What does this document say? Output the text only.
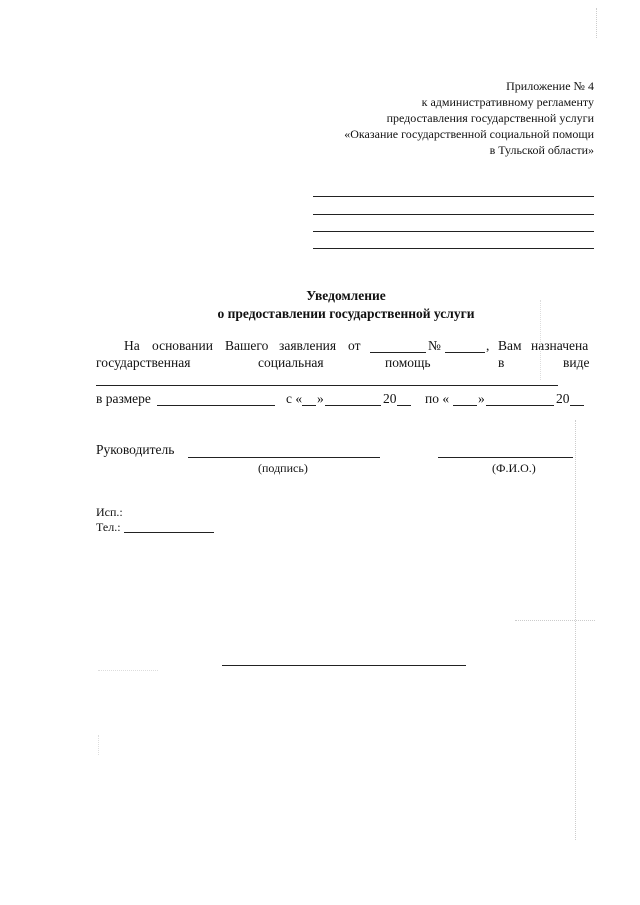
Приложение № 4
к административному регламенту
предоставления государственной услуги
«Оказание государственной социальной помощи
в Тульской области»
Уведомление
о предоставлении государственной услуги
На основании Вашего заявления от	№	, Вам назначена
государственная	социальная	помощь	в	виде
в размере	с « »	20 по « »	20
Руководитель
(подпись)	(Ф.И.О.)
Исп.:
Тел.:
